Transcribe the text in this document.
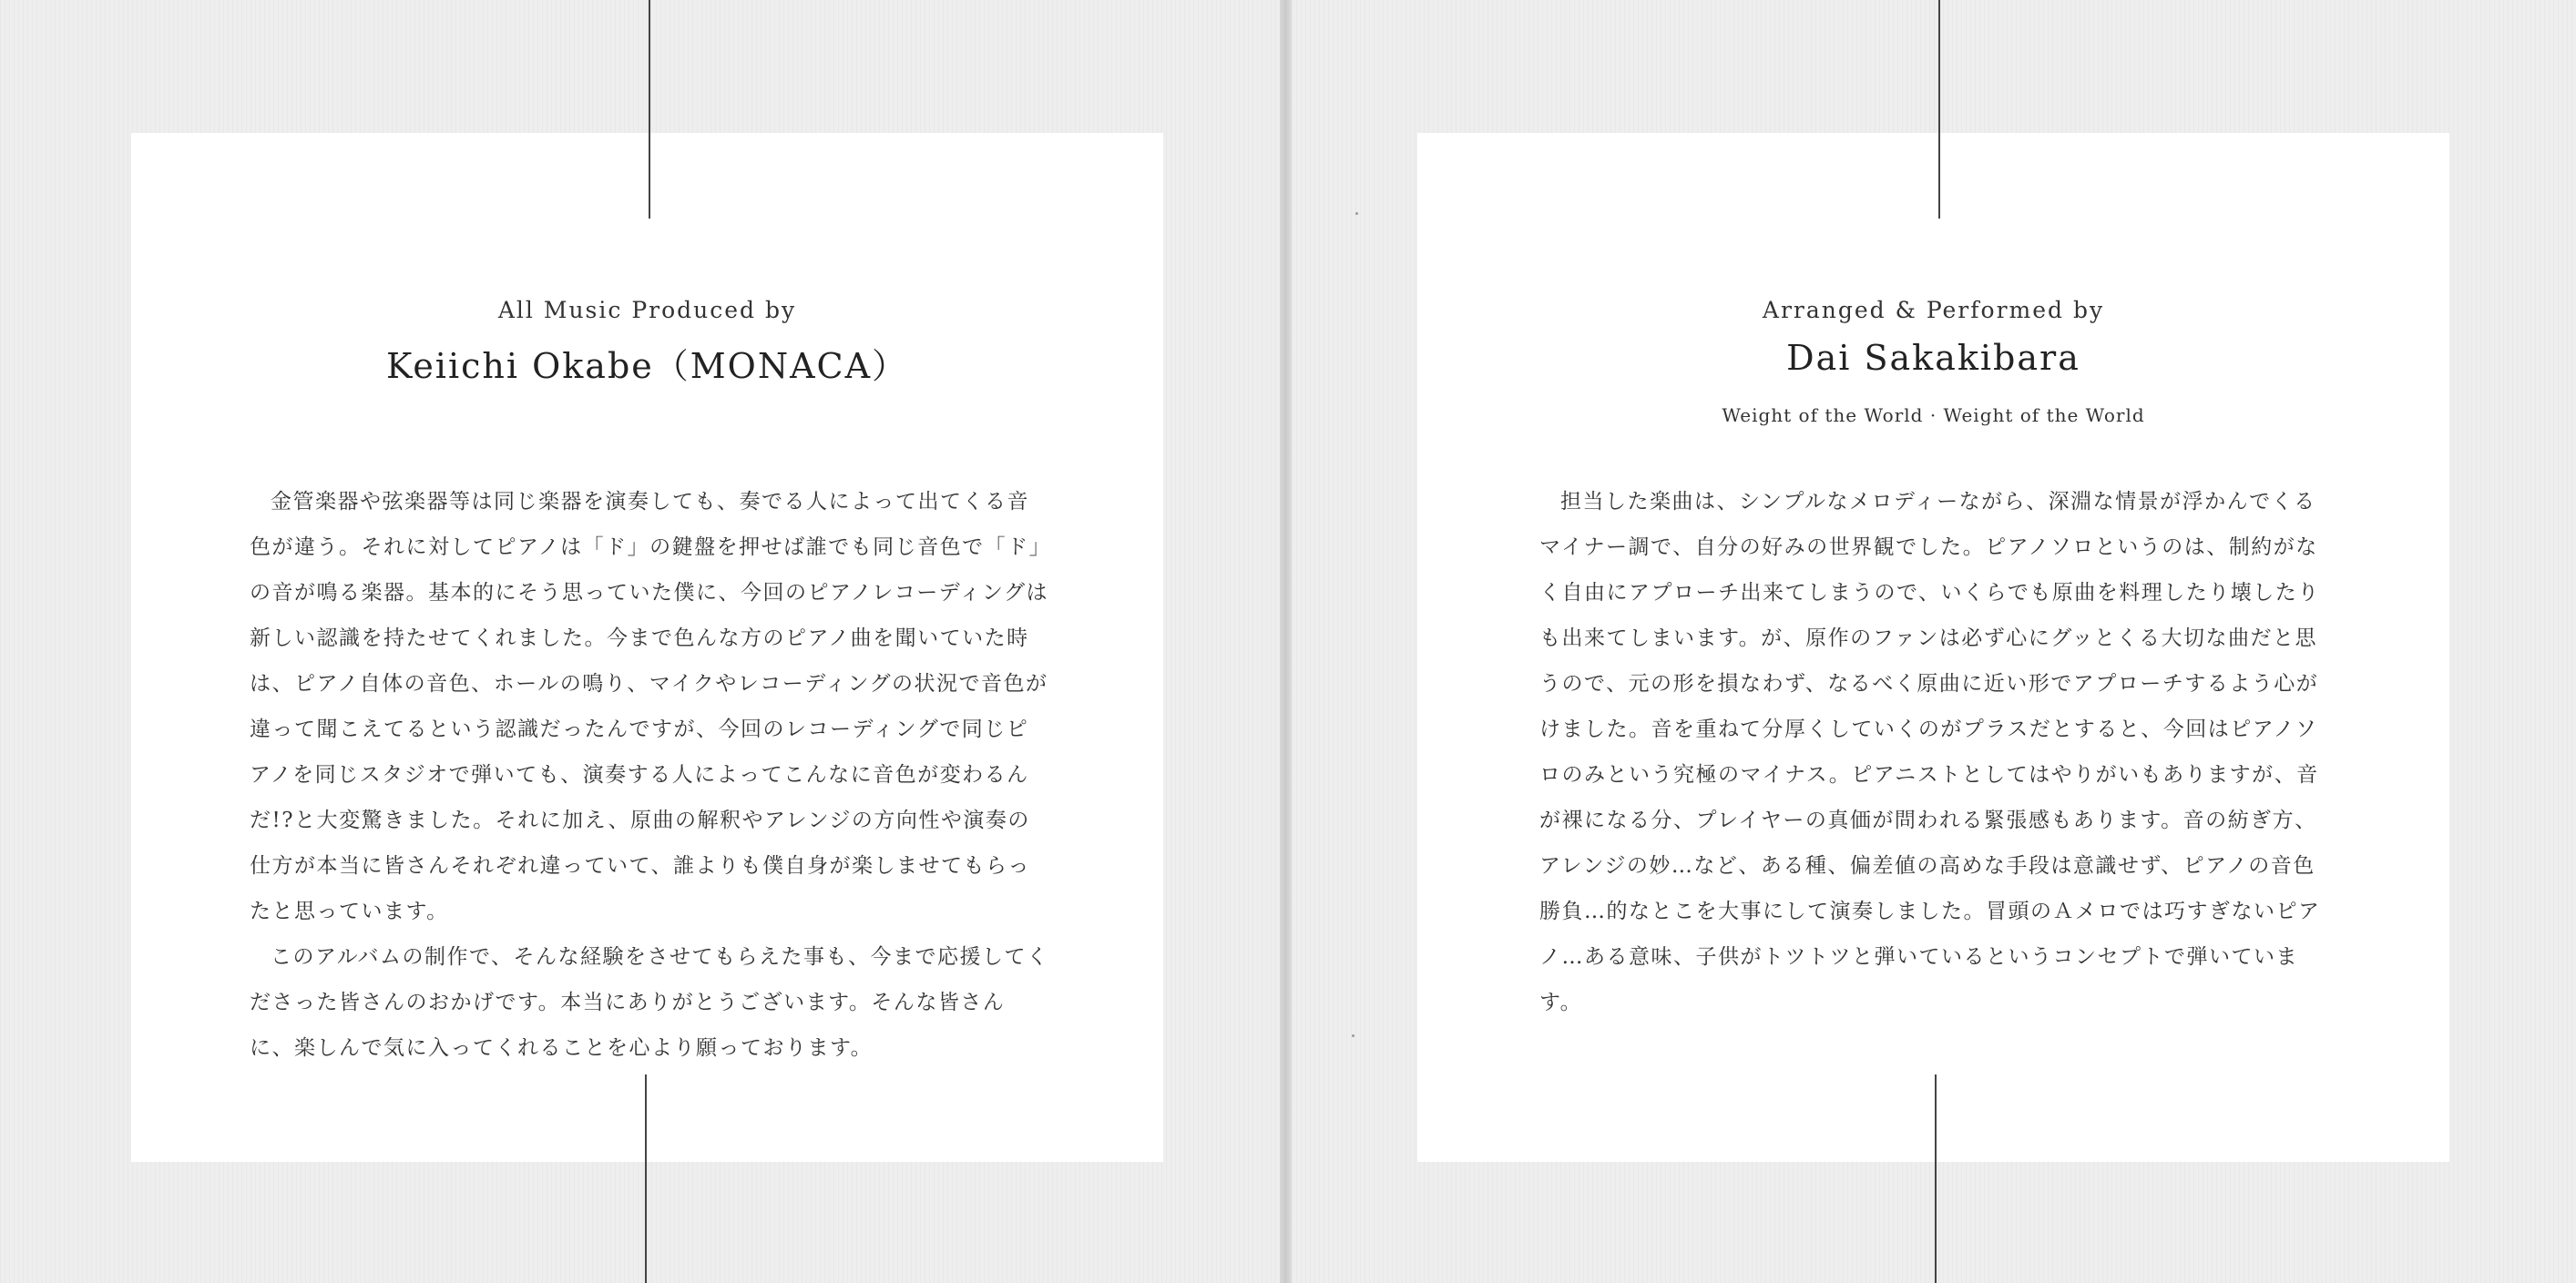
All Music Produced by
Keiichi Okabe（MONACA）

金管楽器や弦楽器等は同じ楽器を演奏しても、奏でる人によって出てくる音色が違う。それに対してピアノは「ド」の鍵盤を押せば誰でも同じ音色で「ド」の音が鳴る楽器。基本的にそう思っていた僕に、今回のピアノレコーディングは新しい認識を持たせてくれました。今まで色んな方のピアノ曲を聞いていた時は、ピアノ自体の音色、ホールの鳴り、マイクやレコーディングの状況で音色が違って聞こえてるという認識だったんですが、今回のレコーディングで同じピアノを同じスタジオで弾いても、演奏する人によってこんなに音色が変わるんだ!?と大変驚きました。それに加え、原曲の解釈やアレンジの方向性や演奏の仕方が本当に皆さんそれぞれ違っていて、誰よりも僕自身が楽しませてもらったと思っています。

このアルバムの制作で、そんな経験をさせてもらえた事も、今まで応援してくださった皆さんのおかげです。本当にありがとうございます。そんな皆さんに、楽しんで気に入ってくれることを心より願っております。

Arranged & Performed by
Dai Sakakibara
Weight of the World · Weight of the World

担当した楽曲は、シンプルなメロディーながら、深淵な情景が浮かんでくるマイナー調で、自分の好みの世界観でした。ピアノソロというのは、制約がなく自由にアプローチ出来てしまうので、いくらでも原曲を料理したり壊したりも出来てしまいます。が、原作のファンは必ず心にグッとくる大切な曲だと思うので、元の形を損なわず、なるべく原曲に近い形でアプローチするよう心がけました。音を重ねて分厚くしていくのがプラスだとすると、今回はピアノソロのみという究極のマイナス。ピアニストとしてはやりがいもありますが、音が裸になる分、プレイヤーの真価が問われる緊張感もあります。音の紡ぎ方、アレンジの妙…など、ある種、偏差値の高めな手段は意識せず、ピアノの音色勝負…的なとこを大事にして演奏しました。冒頭のＡメロでは巧すぎないピアノ…ある意味、子供がトツトツと弾いているというコンセプトで弾いています。
